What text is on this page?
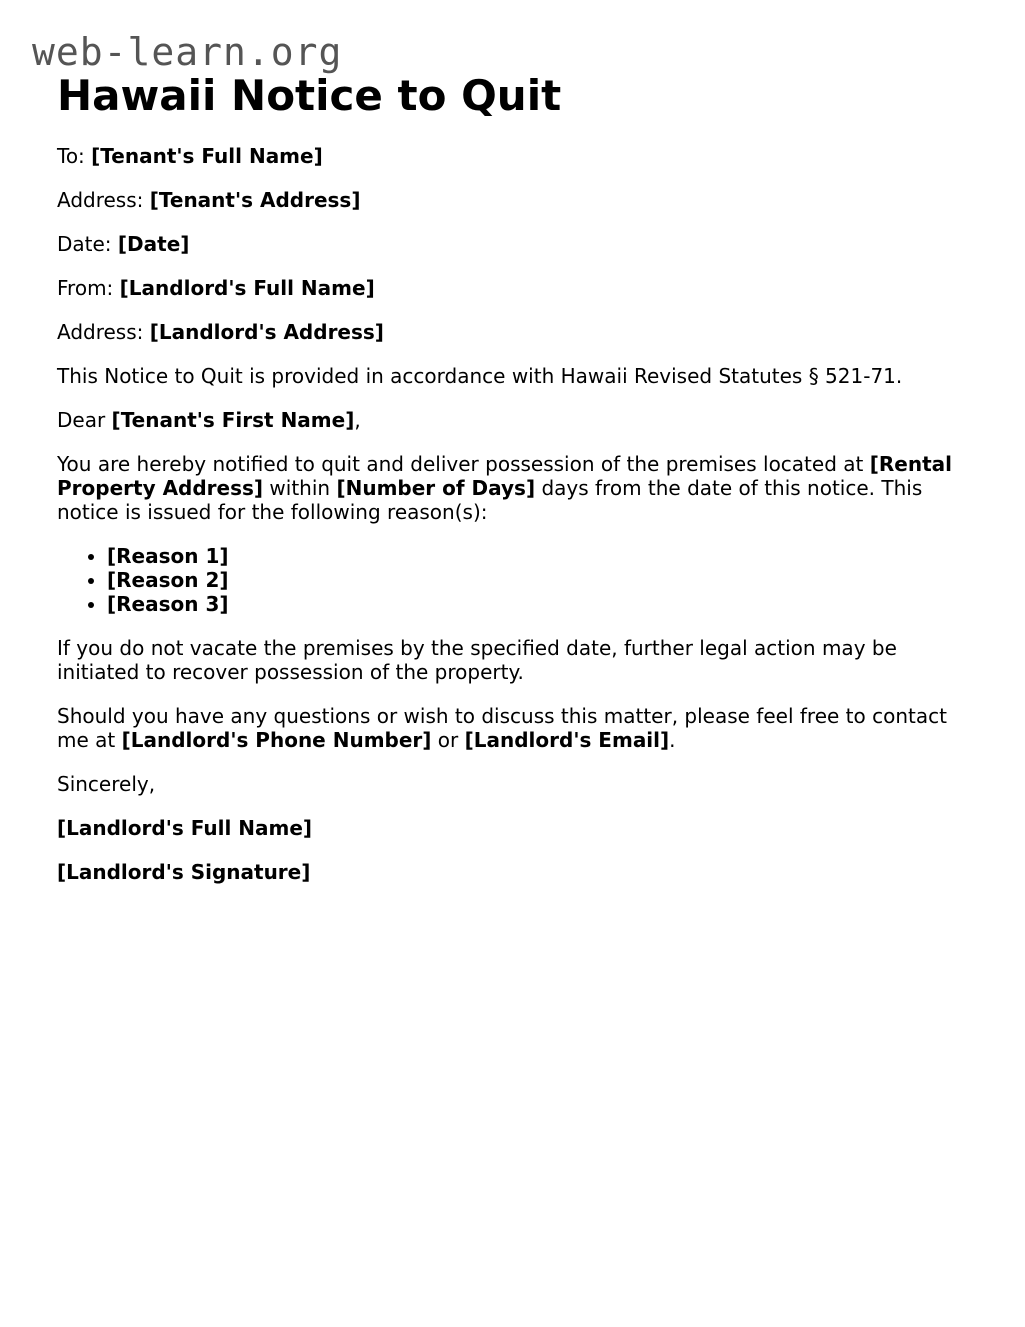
web-learn.org
Hawaii Notice to Quit

To: [Tenant's Full Name]

Address: [Tenant's Address]

Date: [Date]

From: [Landlord's Full Name]

Address: [Landlord's Address]

This Notice to Quit is provided in accordance with Hawaii Revised Statutes § 521-71.

Dear [Tenant's First Name],

You are hereby notified to quit and deliver possession of the premises located at [Rental Property Address] within [Number of Days] days from the date of this notice. This notice is issued for the following reason(s):

• [Reason 1]
• [Reason 2]
• [Reason 3]

If you do not vacate the premises by the specified date, further legal action may be initiated to recover possession of the property.

Should you have any questions or wish to discuss this matter, please feel free to contact me at [Landlord's Phone Number] or [Landlord's Email].

Sincerely,

[Landlord's Full Name]

[Landlord's Signature]
